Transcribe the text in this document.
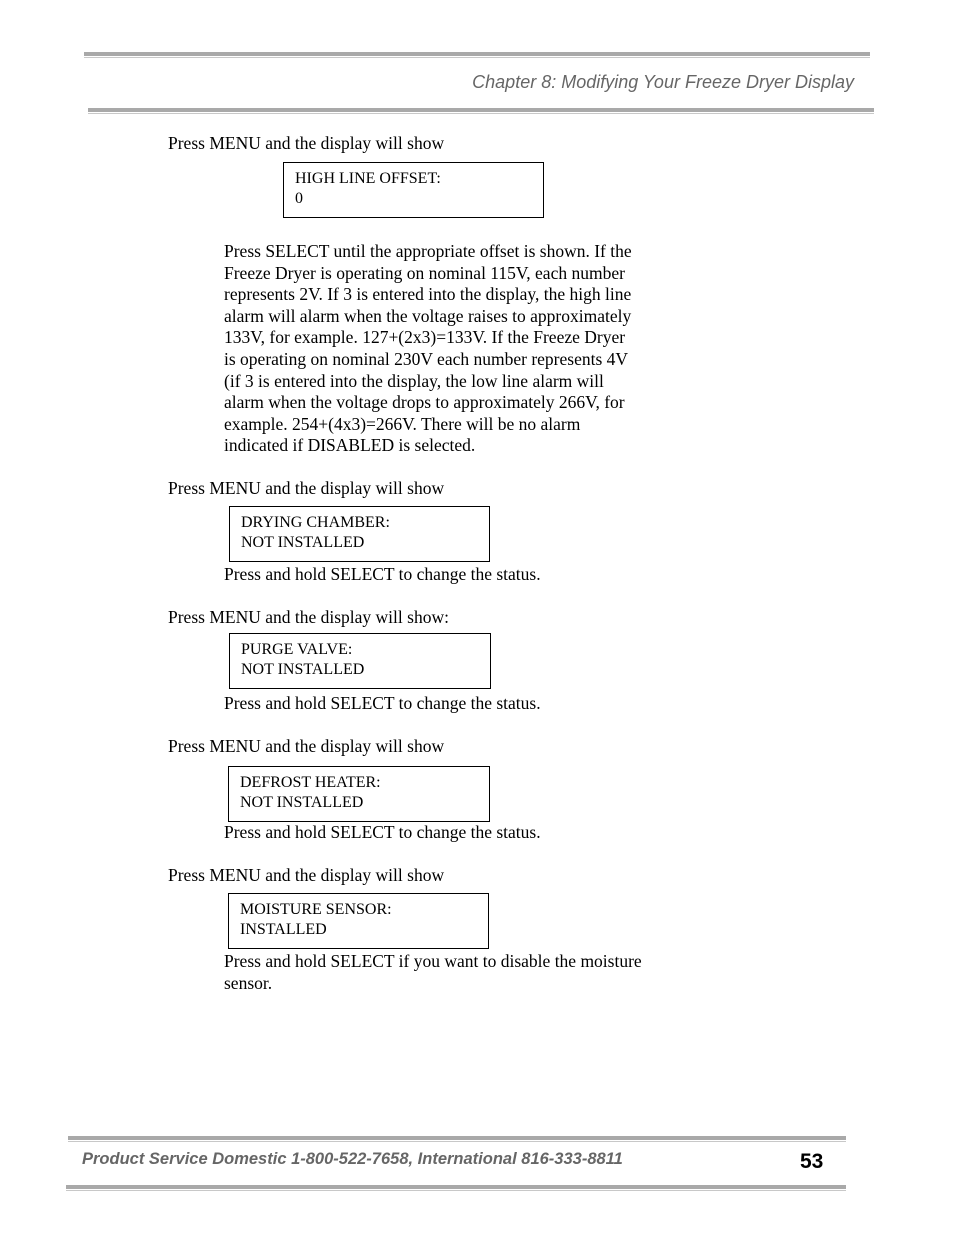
Chapter 8: Modifying Your Freeze Dryer Display
Press MENU and the display will show
HIGH LINE OFFSET:
0
Press SELECT until the appropriate offset is shown. If the
Freeze Dryer is operating on nominal 115V, each number
represents 2V. If 3 is entered into the display, the high line
alarm will alarm when the voltage raises to approximately
133V, for example. 127+(2x3)=133V. If the Freeze Dryer
is operating on nominal 230V each number represents 4V
(if 3 is entered into the display, the low line alarm will
alarm when the voltage drops to approximately 266V, for
example. 254+(4x3)=266V. There will be no alarm
indicated if DISABLED is selected.
Press MENU and the display will show
DRYING CHAMBER:
NOT INSTALLED
Press and hold SELECT to change the status.
Press MENU and the display will show:
PURGE VALVE:
NOT INSTALLED
Press and hold SELECT to change the status.
Press MENU and the display will show
DEFROST HEATER:
NOT INSTALLED
Press and hold SELECT to change the status.
Press MENU and the display will show
MOISTURE SENSOR:
INSTALLED
Press and hold SELECT if you want to disable the moisture
sensor.
Product Service Domestic 1-800-522-7658, International 816-333-8811	53
